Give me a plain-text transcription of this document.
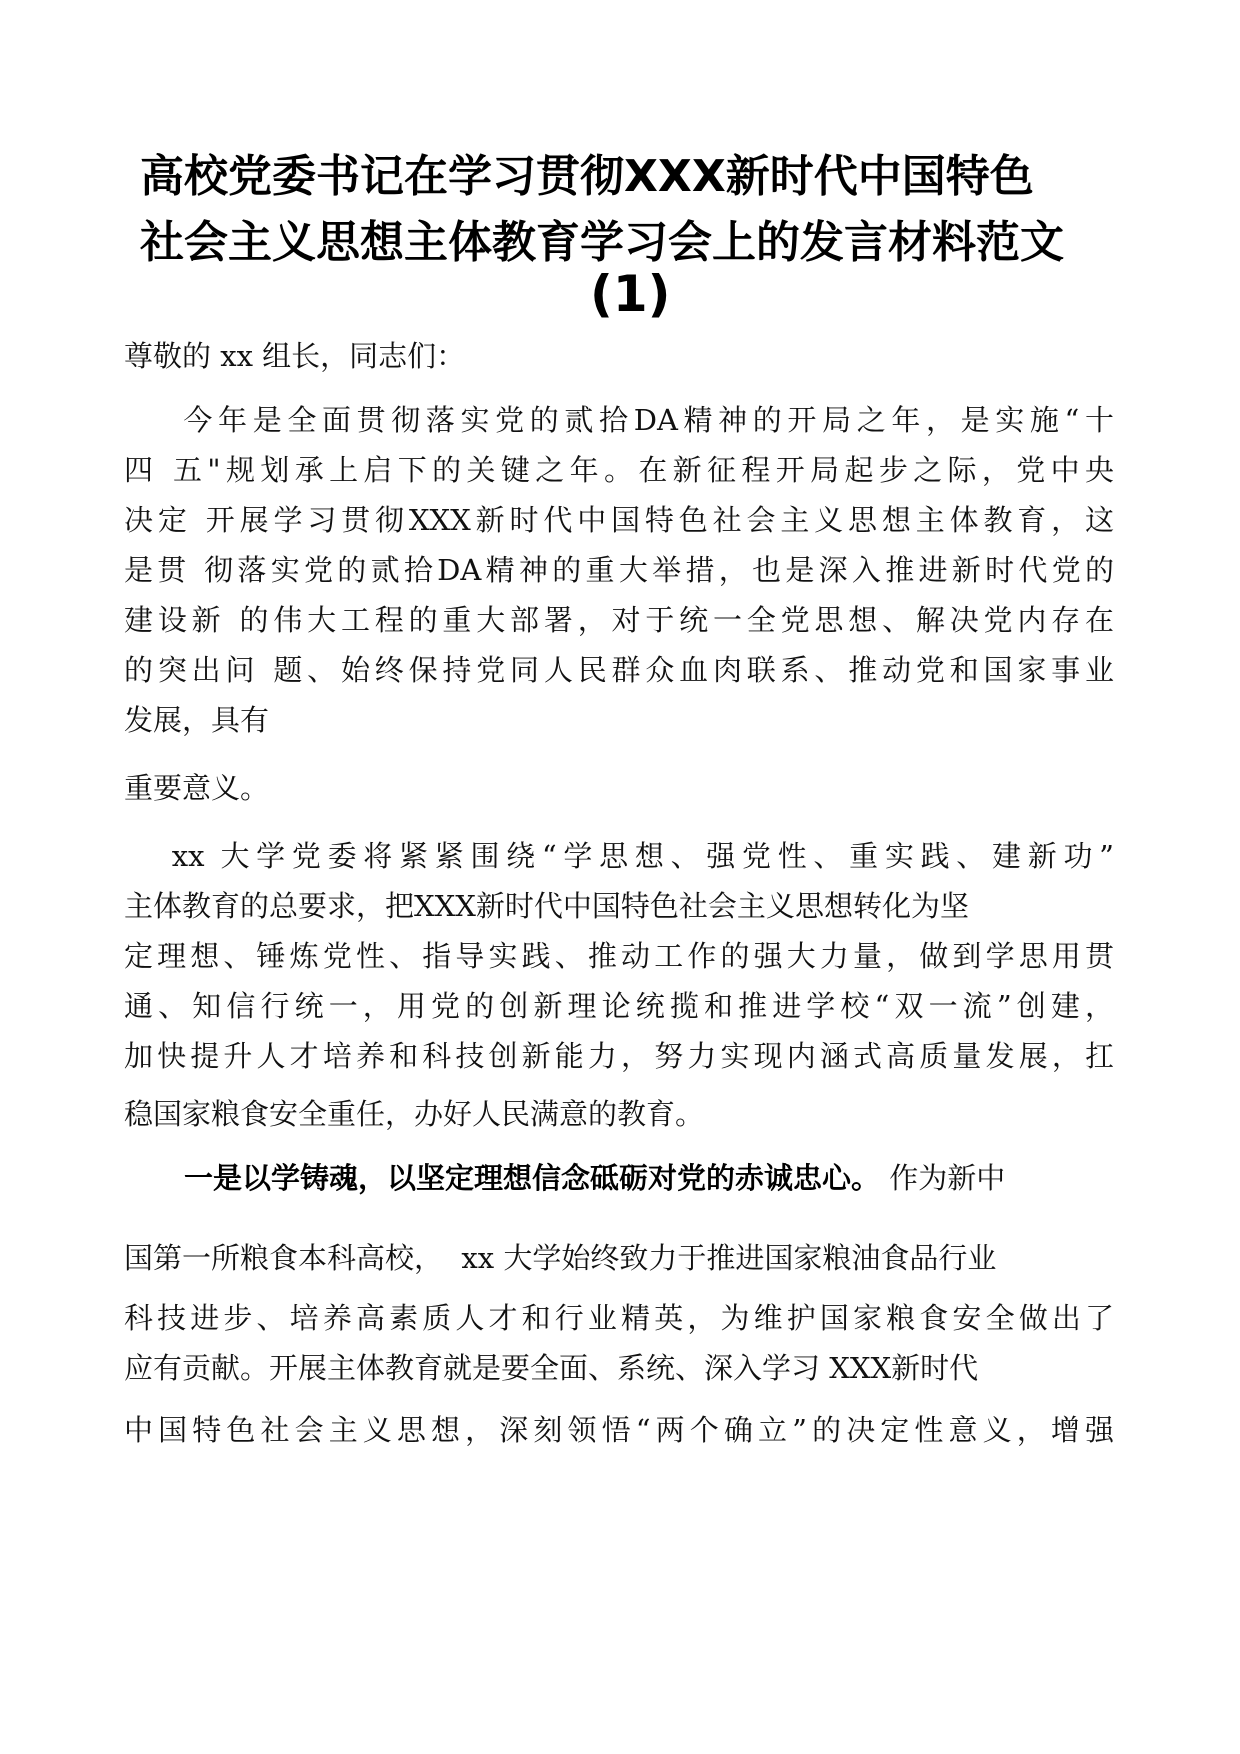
高校党委书记在学习贯彻XXX新时代中国特色
社会主义思想主体教育学习会上的发言材料范文
(1)

尊敬的 xx 组长，同志们：

今年是全面贯彻落实党的贰拾DA精神的开局之年，是实施“十

四 五"规划承上启下的关键之年。在新征程开局起步之际，党中央

决定 开展学习贯彻XXX新时代中国特色社会主义思想主体教育，这

是贯 彻落实党的贰拾DA精神的重大举措，也是深入推进新时代党的

建设新 的伟大工程的重大部署，对于统一全党思想、解决党内存在

的突出问 题、始终保持党同人民群众血肉联系、推动党和国家事业

发展，具有

重要意义。

xx 大学党委将紧紧围绕“学思想、强党性、重实践、建新功”

主体教育的总要求，把XXX新时代中国特色社会主义思想转化为坚

定理想、锤炼党性、指导实践、推动工作的强大力量，做到学思用贯

通、知信行统一，用党的创新理论统揽和推进学校“双一流”创建，

加快提升人才培养和科技创新能力，努力实现内涵式高质量发展，扛

稳国家粮食安全重任，办好人民满意的教育。

一是以学铸魂，以坚定理想信念砥砺对党的赤诚忠心。 作为新中

国第一所粮食本科高校，  xx 大学始终致力于推进国家粮油食品行业

科技进步、培养高素质人才和行业精英，为维护国家粮食安全做出了

应有贡献。开展主体教育就是要全面、系统、深入学习 XXX新时代

中国特色社会主义思想，深刻领悟“两个确立”的决定性意义，增强
